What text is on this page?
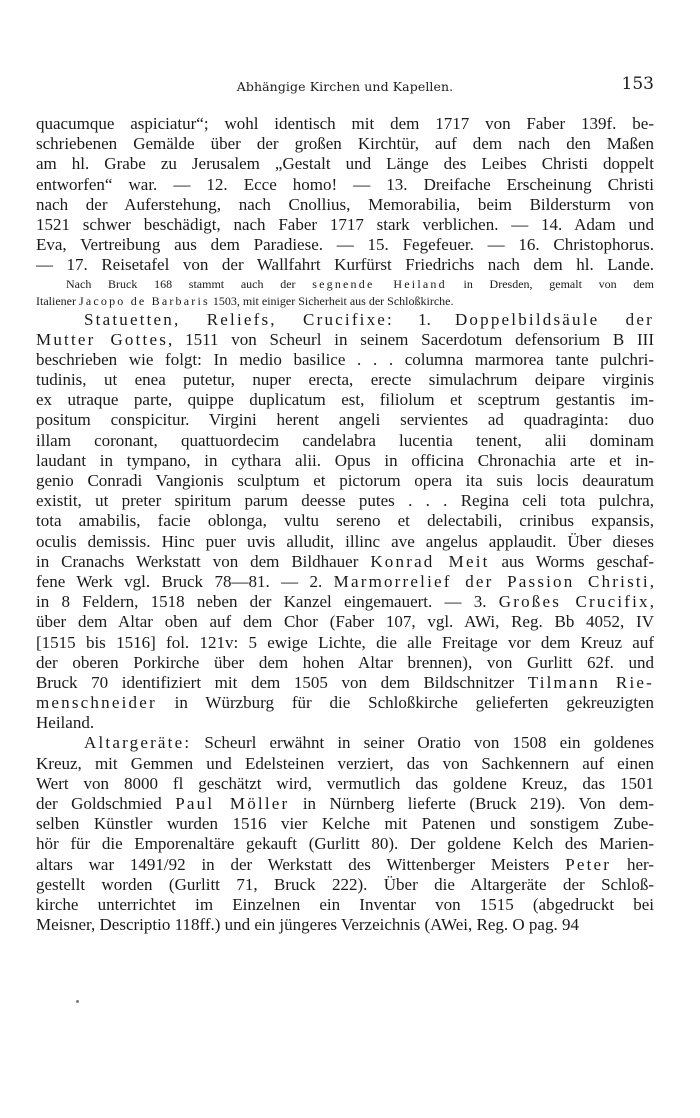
Abhängige Kirchen und Kapellen.	153
quacumque aspiciatur“; wohl identisch mit dem 1717 von Faber 139f. be-
schriebenen Gemälde über der großen Kirchtür, auf dem nach den Maßen
am hl. Grabe zu Jerusalem „Gestalt und Länge des Leibes Christi doppelt
entworfen“ war. — 12. Ecce homo! — 13. Dreifache Erscheinung Christi
nach der Auferstehung, nach Cnollius, Memorabilia, beim Bildersturm von
1521 schwer beschädigt, nach Faber 1717 stark verblichen. — 14. Adam und
Eva, Vertreibung aus dem Paradiese. — 15. Fegefeuer. — 16. Christophorus.
— 17. Reisetafel von der Wallfahrt Kurfürst Friedrichs nach dem hl. Lande.
Nach Bruck 168 stammt auch der segnende Heiland in Dresden, gemalt von dem
Italiener Jacopo de Barbaris 1503, mit einiger Sicherheit aus der Schloßkirche.
Statuetten, Reliefs, Crucifixe: 1. Doppelbildsäule der
Mutter Gottes, 1511 von Scheurl in seinem Sacerdotum defensorium B III
beschrieben wie folgt: In medio basilice . . . columna marmorea tante pulchri-
tudinis, ut enea putetur, nuper erecta, erecte simulachrum deipare virginis
ex utraque parte, quippe duplicatum est, filiolum et sceptrum gestantis im-
positum conspicitur. Virgini herent angeli servientes ad quadraginta: duo
illam coronant, quattuordecim candelabra lucentia tenent, alii dominam
laudant in tympano, in cythara alii. Opus in officina Chronachia arte et in-
genio Conradi Vangionis sculptum et pictorum opera ita suis locis deauratum
existit, ut preter spiritum parum deesse putes . . . Regina celi tota pulchra,
tota amabilis, facie oblonga, vultu sereno et delectabili, crinibus expansis,
oculis demissis. Hinc puer uvis alludit, illinc ave angelus applaudit. Über dieses
in Cranachs Werkstatt von dem Bildhauer Konrad Meit aus Worms geschaf-
fene Werk vgl. Bruck 78—81. — 2. Marmorrelief der Passion Christi,
in 8 Feldern, 1518 neben der Kanzel eingemauert. — 3. Großes Crucifix,
über dem Altar oben auf dem Chor (Faber 107, vgl. AWi, Reg. Bb 4052, IV
[1515 bis 1516] fol. 121v: 5 ewige Lichte, die alle Freitage vor dem Kreuz auf
der oberen Porkirche über dem hohen Altar brennen), von Gurlitt 62f. und
Bruck 70 identifiziert mit dem 1505 von dem Bildschnitzer Tilmann Rie-
menschneider in Würzburg für die Schloßkirche gelieferten gekreuzigten
Heiland.
Altargeräte: Scheurl erwähnt in seiner Oratio von 1508 ein goldenes
Kreuz, mit Gemmen und Edelsteinen verziert, das von Sachkennern auf einen
Wert von 8000 fl geschätzt wird, vermutlich das goldene Kreuz, das 1501
der Goldschmied Paul Möller in Nürnberg lieferte (Bruck 219). Von dem-
selben Künstler wurden 1516 vier Kelche mit Patenen und sonstigem Zube-
hör für die Emporenaltäre gekauft (Gurlitt 80). Der goldene Kelch des Marien-
altars war 1491/92 in der Werkstatt des Wittenberger Meisters Peter her-
gestellt worden (Gurlitt 71, Bruck 222). Über die Altargeräte der Schloß-
kirche unterrichtet im Einzelnen ein Inventar von 1515 (abgedruckt bei
Meisner, Descriptio 118ff.) und ein jüngeres Verzeichnis (AWei, Reg. O pag. 94
